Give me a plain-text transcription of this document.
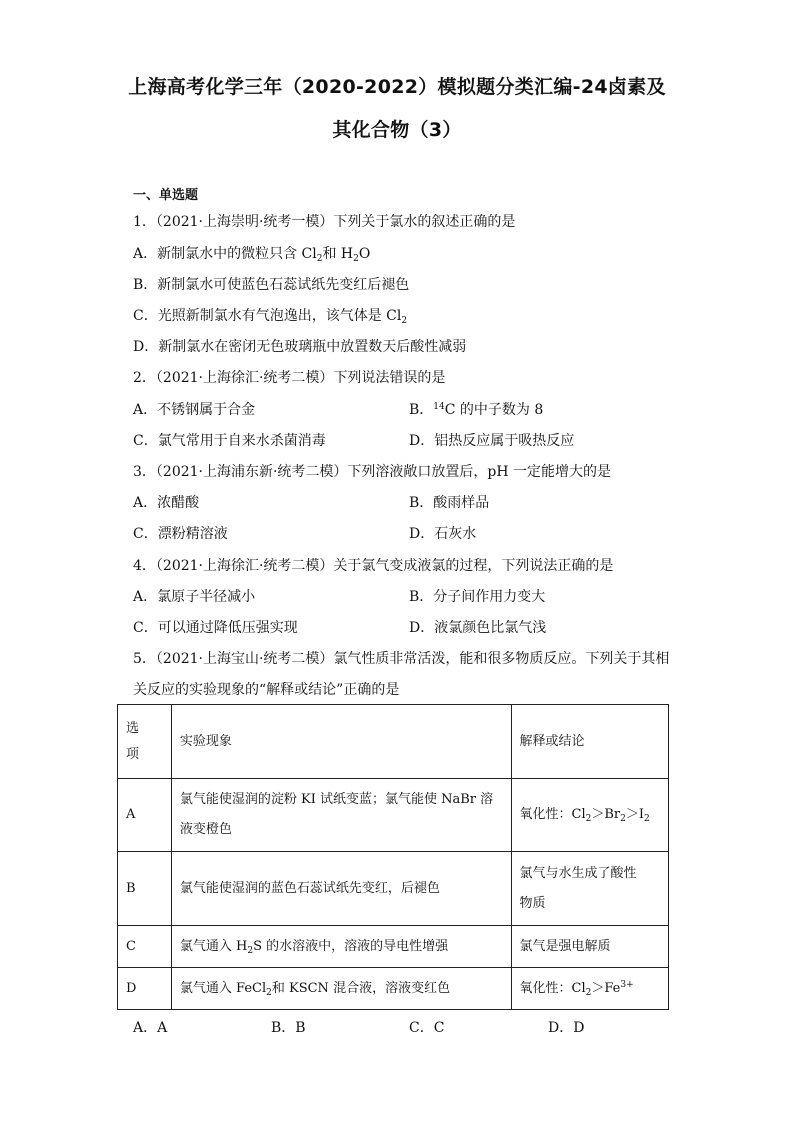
上海高考化学三年（2020-2022）模拟题分类汇编-24卤素及
其化合物（3）
一、单选题
1．（2021·上海崇明·统考一模）下列关于氯水的叙述正确的是
A．新制氯水中的微粒只含 $Cl_2$和 $H_2O$
B．新制氯水可使蓝色石蕊试纸先变红后褪色
C．光照新制氯水有气泡逸出，该气体是 $Cl_2$
D．新制氯水在密闭无色玻璃瓶中放置数天后酸性减弱
2．（2021·上海徐汇·统考二模）下列说法错误的是
A．不锈钢属于合金	B．$^{14}$C 的中子数为 8
C．氯气常用于自来水杀菌消毒	D．铝热反应属于吸热反应
3．（2021·上海浦东新·统考二模）下列溶液敞口放置后，pH 一定能增大的是
A．浓醋酸	B．酸雨样品
C．漂粉精溶液	D．石灰水
4．（2021·上海徐汇·统考二模）关于氯气变成液氯的过程，下列说法正确的是
A．氯原子半径减小	B．分子间作用力变大
C．可以通过降低压强实现	D．液氯颜色比氯气浅
5．（2021·上海宝山·统考二模）氯气性质非常活泼，能和很多物质反应。下列关于其相
关反应的实验现象的“解释或结论”正确的是
选
项	实验现象	解释或结论
A	氯气能使湿润的淀粉 KI 试纸变蓝；氯气能使 NaBr 溶
液变橙色	氧化性：$Cl_2>Br_2>I_2$
B	氯气能使湿润的蓝色石蕊试纸先变红，后褪色	氯气与水生成了酸性
物质
C	氯气通入 $H_2S$ 的水溶液中，溶液的导电性增强	氯气是强电解质
D	氯气通入 FeCl$_2$和 KSCN 混合液，溶液变红色	氧化性：$Cl_2>Fe^{3+}$
A．A	B．B	C．C	D．D
